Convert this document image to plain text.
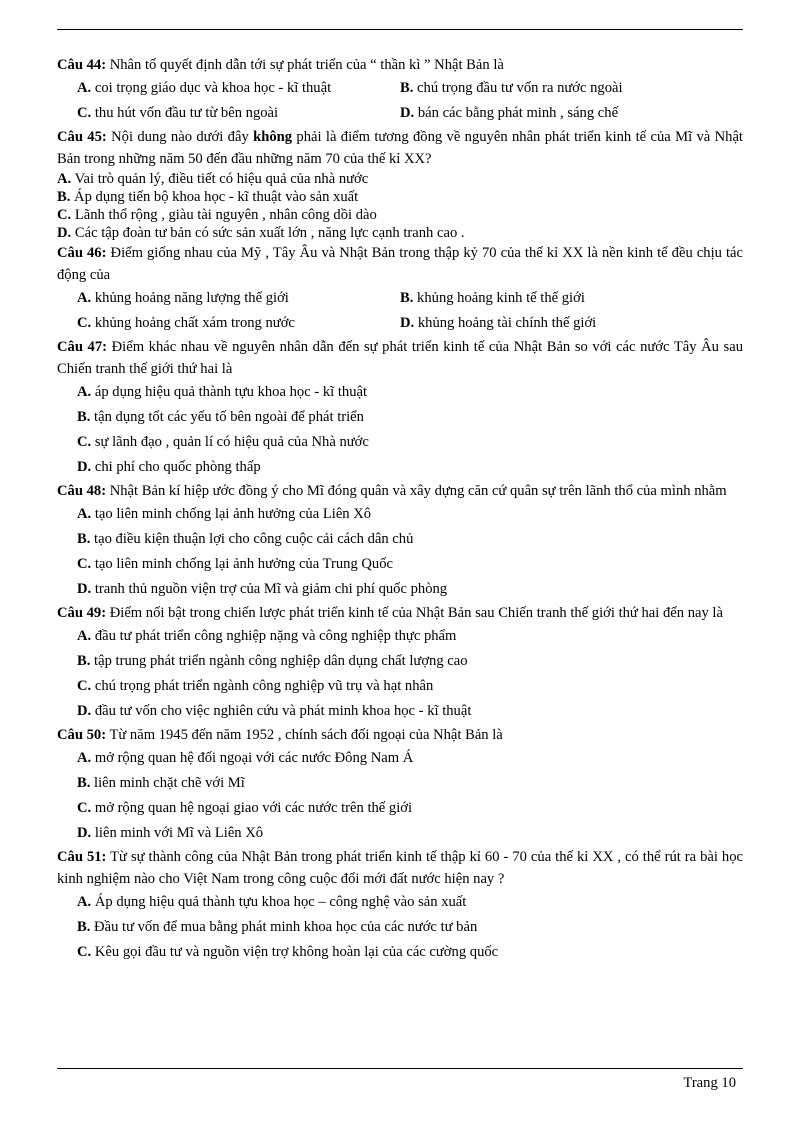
Câu 44: Nhân tố quyết định dẫn tới sự phát triển của “ thần kì ” Nhật Bản là

A. coi trọng giáo dục và khoa học - kĩ thuật	B. chú trọng đầu tư vốn ra nước ngoài
C. thu hút vốn đầu tư từ bên ngoài	D. bán các bằng phát minh , sáng chế

Câu 45: Nội dung nào dưới đây không phải là điểm tương đồng về nguyên nhân phát triển kinh tế của Mĩ và Nhật Bản trong những năm 50 đến đầu những năm 70 của thế kỉ XX?

A. Vai trò quản lý, điều tiết có hiệu quả của nhà nước
B. Áp dụng tiến bộ khoa học - kĩ thuật vào sản xuất
C. Lãnh thổ rộng , giàu tài nguyên , nhân công dồi dào
D. Các tập đoàn tư bản có sức sản xuất lớn , năng lực cạnh tranh cao .

Câu 46: Điểm giống nhau của Mỹ , Tây Âu và Nhật Bản trong thập kỷ 70 của thế kỉ XX là nền kinh tế đều chịu tác động của

A. khủng hoảng năng lượng thế giới	B. khủng hoảng kinh tế thế giới
C. khủng hoảng chất xám trong nước	D. khủng hoảng tài chính thế giới

Câu 47: Điểm khác nhau về nguyên nhân dẫn đến sự phát triển kinh tế của Nhật Bản so với các nước Tây Âu sau Chiến tranh thế giới thứ hai là

A. áp dụng hiệu quả thành tựu khoa học - kĩ thuật
B. tận dụng tốt các yếu tố bên ngoài để phát triển
C. sự lãnh đạo , quản lí có hiệu quả của Nhà nước
D. chi phí cho quốc phòng thấp

Câu 48: Nhật Bản kí hiệp ước đồng ý cho Mĩ đóng quân và xây dựng căn cứ quân sự trên lãnh thổ của mình nhằm

A. tạo liên minh chống lại ảnh hưởng của Liên Xô
B. tạo điều kiện thuận lợi cho công cuộc cải cách dân chủ
C. tạo liên minh chống lại ảnh hưởng của Trung Quốc
D. tranh thủ nguồn viện trợ của Mĩ và giảm chi phí quốc phòng

Câu 49: Điểm nổi bật trong chiến lược phát triển kinh tế của Nhật Bản sau Chiến tranh thế giới thứ hai đến nay là

A. đầu tư phát triển công nghiệp nặng và công nghiệp thực phẩm
B. tập trung phát triển ngành công nghiệp dân dụng chất lượng cao
C. chú trọng phát triển ngành công nghiệp vũ trụ và hạt nhân
D. đầu tư vốn cho việc nghiên cứu và phát minh khoa học - kĩ thuật

Câu 50: Từ năm 1945 đến năm 1952 , chính sách đối ngoại của Nhật Bản là

A. mở rộng quan hệ đối ngoại với các nước Đông Nam Á
B. liên minh chặt chẽ với Mĩ
C. mở rộng quan hệ ngoại giao với các nước trên thế giới
D. liên minh với Mĩ và Liên Xô

Câu 51: Từ sự thành công của Nhật Bản trong phát triển kinh tế thập kỉ 60 - 70 của thế kỉ XX , có thể rút ra bài học kinh nghiệm nào cho Việt Nam trong công cuộc đổi mới đất nước hiện nay ?

A. Áp dụng hiệu quả thành tựu khoa học – công nghệ vào sản xuất
B. Đầu tư vốn để mua bằng phát minh khoa học của các nước tư bản
C. Kêu gọi đầu tư và nguồn viện trợ không hoàn lại của các cường quốc
Trang 10
